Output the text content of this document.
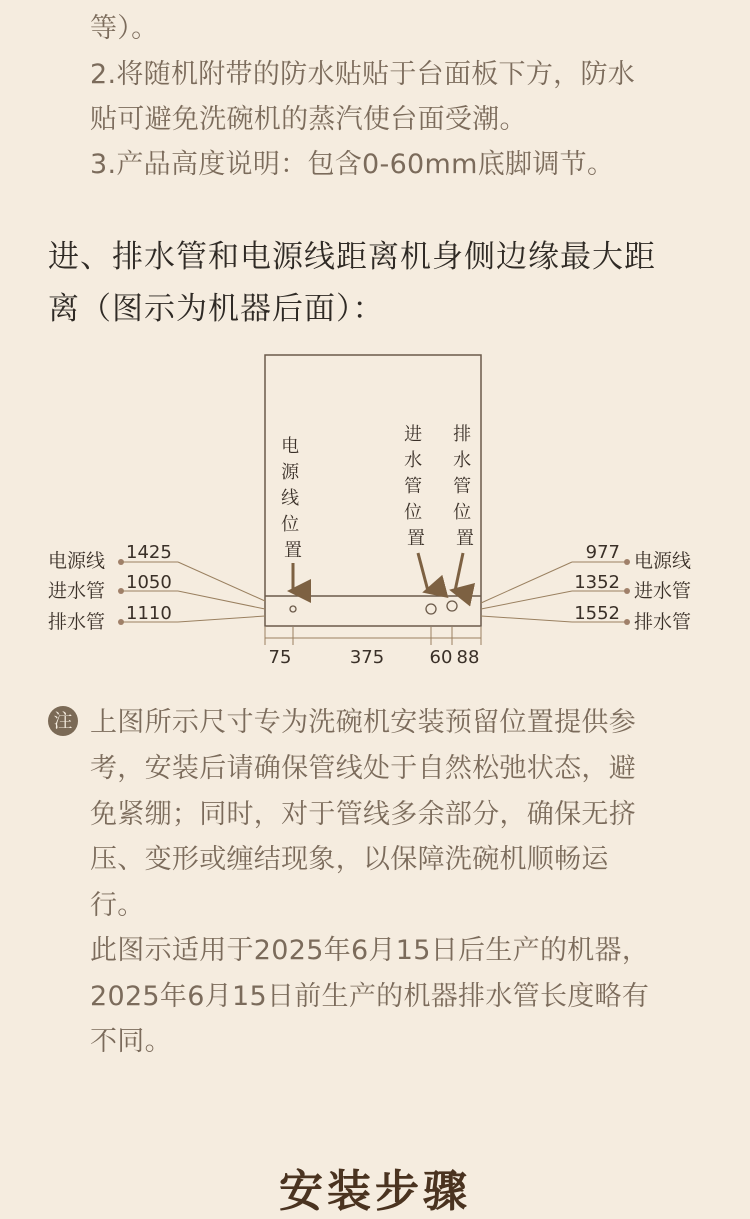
等）。
2.将随机附带的防水贴贴于台面板下方，防水
贴可避免洗碗机的蒸汽使台面受潮。
3.产品高度说明：包含0-60mm底脚调节。
进、排水管和电源线距离机身侧边缘最大距
离（图示为机器后面）：
电 源 线 位 置
进 水 管 位 置
排 水 管 位 置
电源线
进水管
排水管
1425
1050
1110
977
1352
1552
电源线
进水管
排水管
75	375	60 88
注 上图所示尺寸专为洗碗机安装预留位置提供参
考，安装后请确保管线处于自然松弛状态，避
免紧绷；同时，对于管线多余部分，确保无挤
压、变形或缠结现象，以保障洗碗机顺畅运
行。
此图示适用于2025年6月15日后生产的机器，
2025年6月15日前生产的机器排水管长度略有
不同。
安装步骤
